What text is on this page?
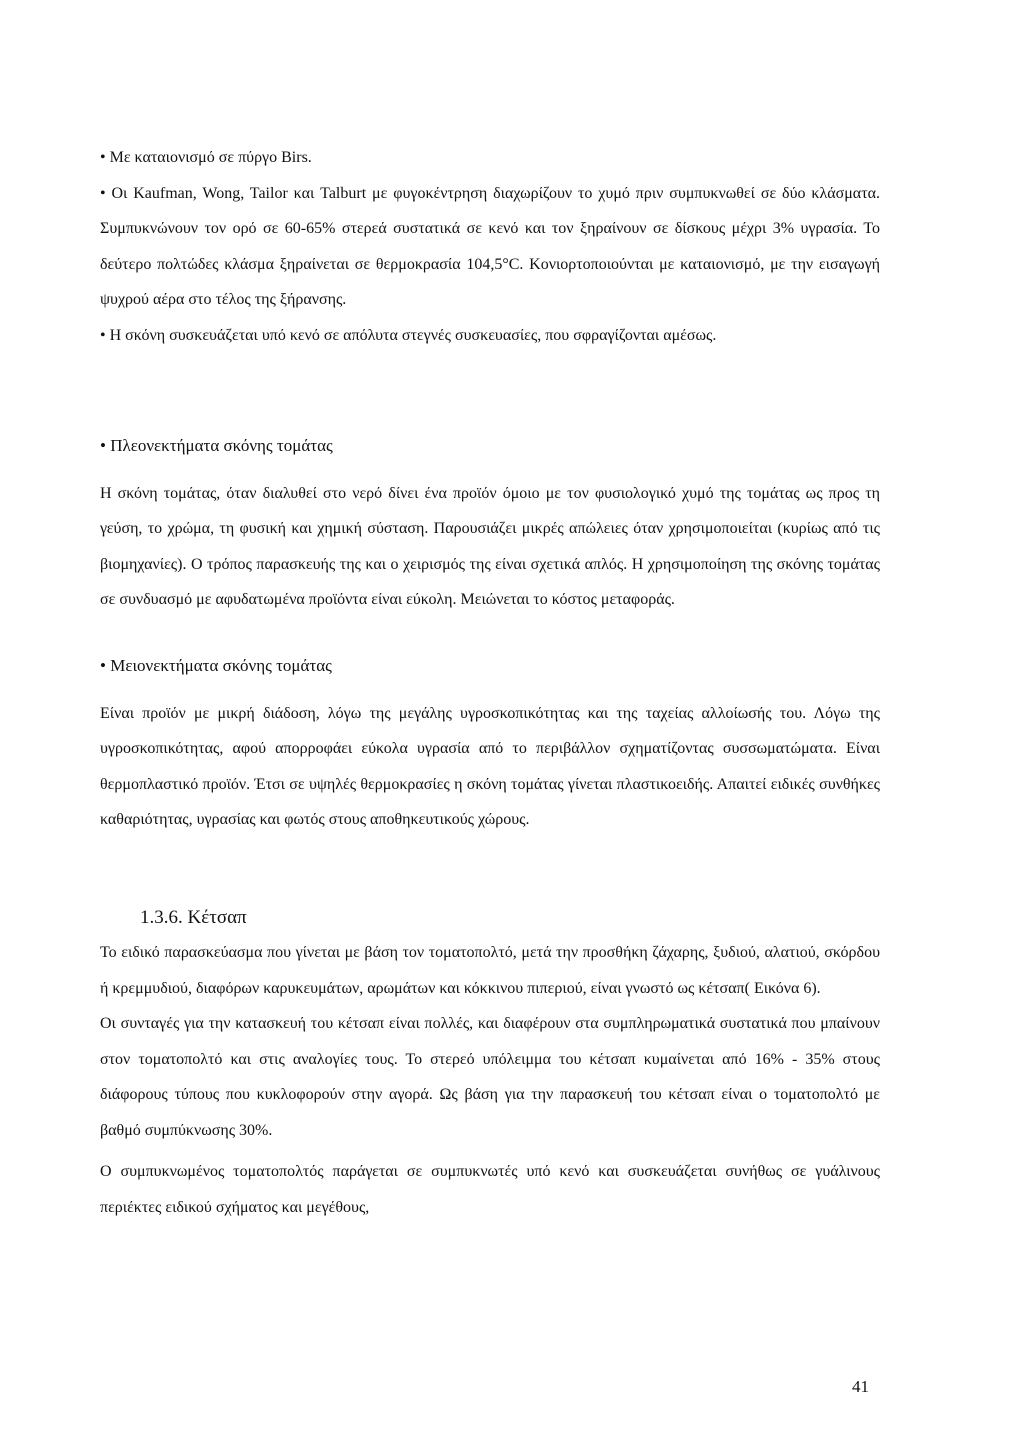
• Με καταιονισμό σε πύργο Birs.

• Οι Kaufman, Wong, Tailor και Talburt με φυγοκέντρηση διαχωρίζουν το χυμό πριν συμπυκνωθεί σε δύο κλάσματα. Συμπυκνώνουν τον ορό σε 60-65% στερεά συστατικά σε κενό και τον ξηραίνουν σε δίσκους μέχρι 3% υγρασία. Το δεύτερο πολτώδες κλάσμα ξηραίνεται σε θερμοκρασία 104,5°C. Κονιορτοποιούνται με καταιονισμό, με την εισαγωγή ψυχρού αέρα στο τέλος της ξήρανσης.

• Η σκόνη συσκευάζεται υπό κενό σε απόλυτα στεγνές συσκευασίες, που σφραγίζονται αμέσως.

• Πλεονεκτήματα σκόνης τομάτας

Η σκόνη τομάτας, όταν διαλυθεί στο νερό δίνει ένα προϊόν όμοιο με τον φυσιολογικό χυμό της τομάτας ως προς τη γεύση, το χρώμα, τη φυσική και χημική σύσταση. Παρουσιάζει μικρές απώλειες όταν χρησιμοποιείται (κυρίως από τις βιομηχανίες). Ο τρόπος παρασκευής της και ο χειρισμός της είναι σχετικά απλός. Η χρησιμοποίηση της σκόνης τομάτας σε συνδυασμό με αφυδατωμένα προϊόντα είναι εύκολη. Μειώνεται το κόστος μεταφοράς.

• Μειονεκτήματα σκόνης τομάτας

Είναι προϊόν με μικρή διάδοση, λόγω της μεγάλης υγροσκοπικότητας και της ταχείας αλλοίωσής του. Λόγω της υγροσκοπικότητας, αφού απορροφάει εύκολα υγρασία από το περιβάλλον σχηματίζοντας συσσωματώματα. Είναι θερμοπλαστικό προϊόν. Έτσι σε υψηλές θερμοκρασίες η σκόνη τομάτας γίνεται πλαστικοειδής. Απαιτεί ειδικές συνθήκες καθαριότητας, υγρασίας και φωτός στους αποθηκευτικούς χώρους.

1.3.6. Κέτσαπ

Το ειδικό παρασκεύασμα που γίνεται με βάση τον τοματοπολτό, μετά την προσθήκη ζάχαρης, ξυδιού, αλατιού, σκόρδου ή κρεμμυδιού, διαφόρων καρυκευμάτων, αρωμάτων και κόκκινου πιπεριού, είναι γνωστό ως κέτσαπ( Εικόνα 6).

Οι συνταγές για την κατασκευή του κέτσαπ είναι πολλές, και διαφέρουν στα συμπληρωματικά συστατικά που μπαίνουν στον τοματοπολτό και στις αναλογίες τους. Το στερεό υπόλειμμα του κέτσαπ κυμαίνεται από 16% - 35% στους διάφορους τύπους που κυκλοφορούν στην αγορά. Ως βάση για την παρασκευή του κέτσαπ είναι ο τοματοπολτό με βαθμό συμπύκνωσης 30%.

Ο συμπυκνωμένος τοματοπολτός παράγεται σε συμπυκνωτές υπό κενό και συσκευάζεται συνήθως σε γυάλινους περιέκτες ειδικού σχήματος και μεγέθους,

41
